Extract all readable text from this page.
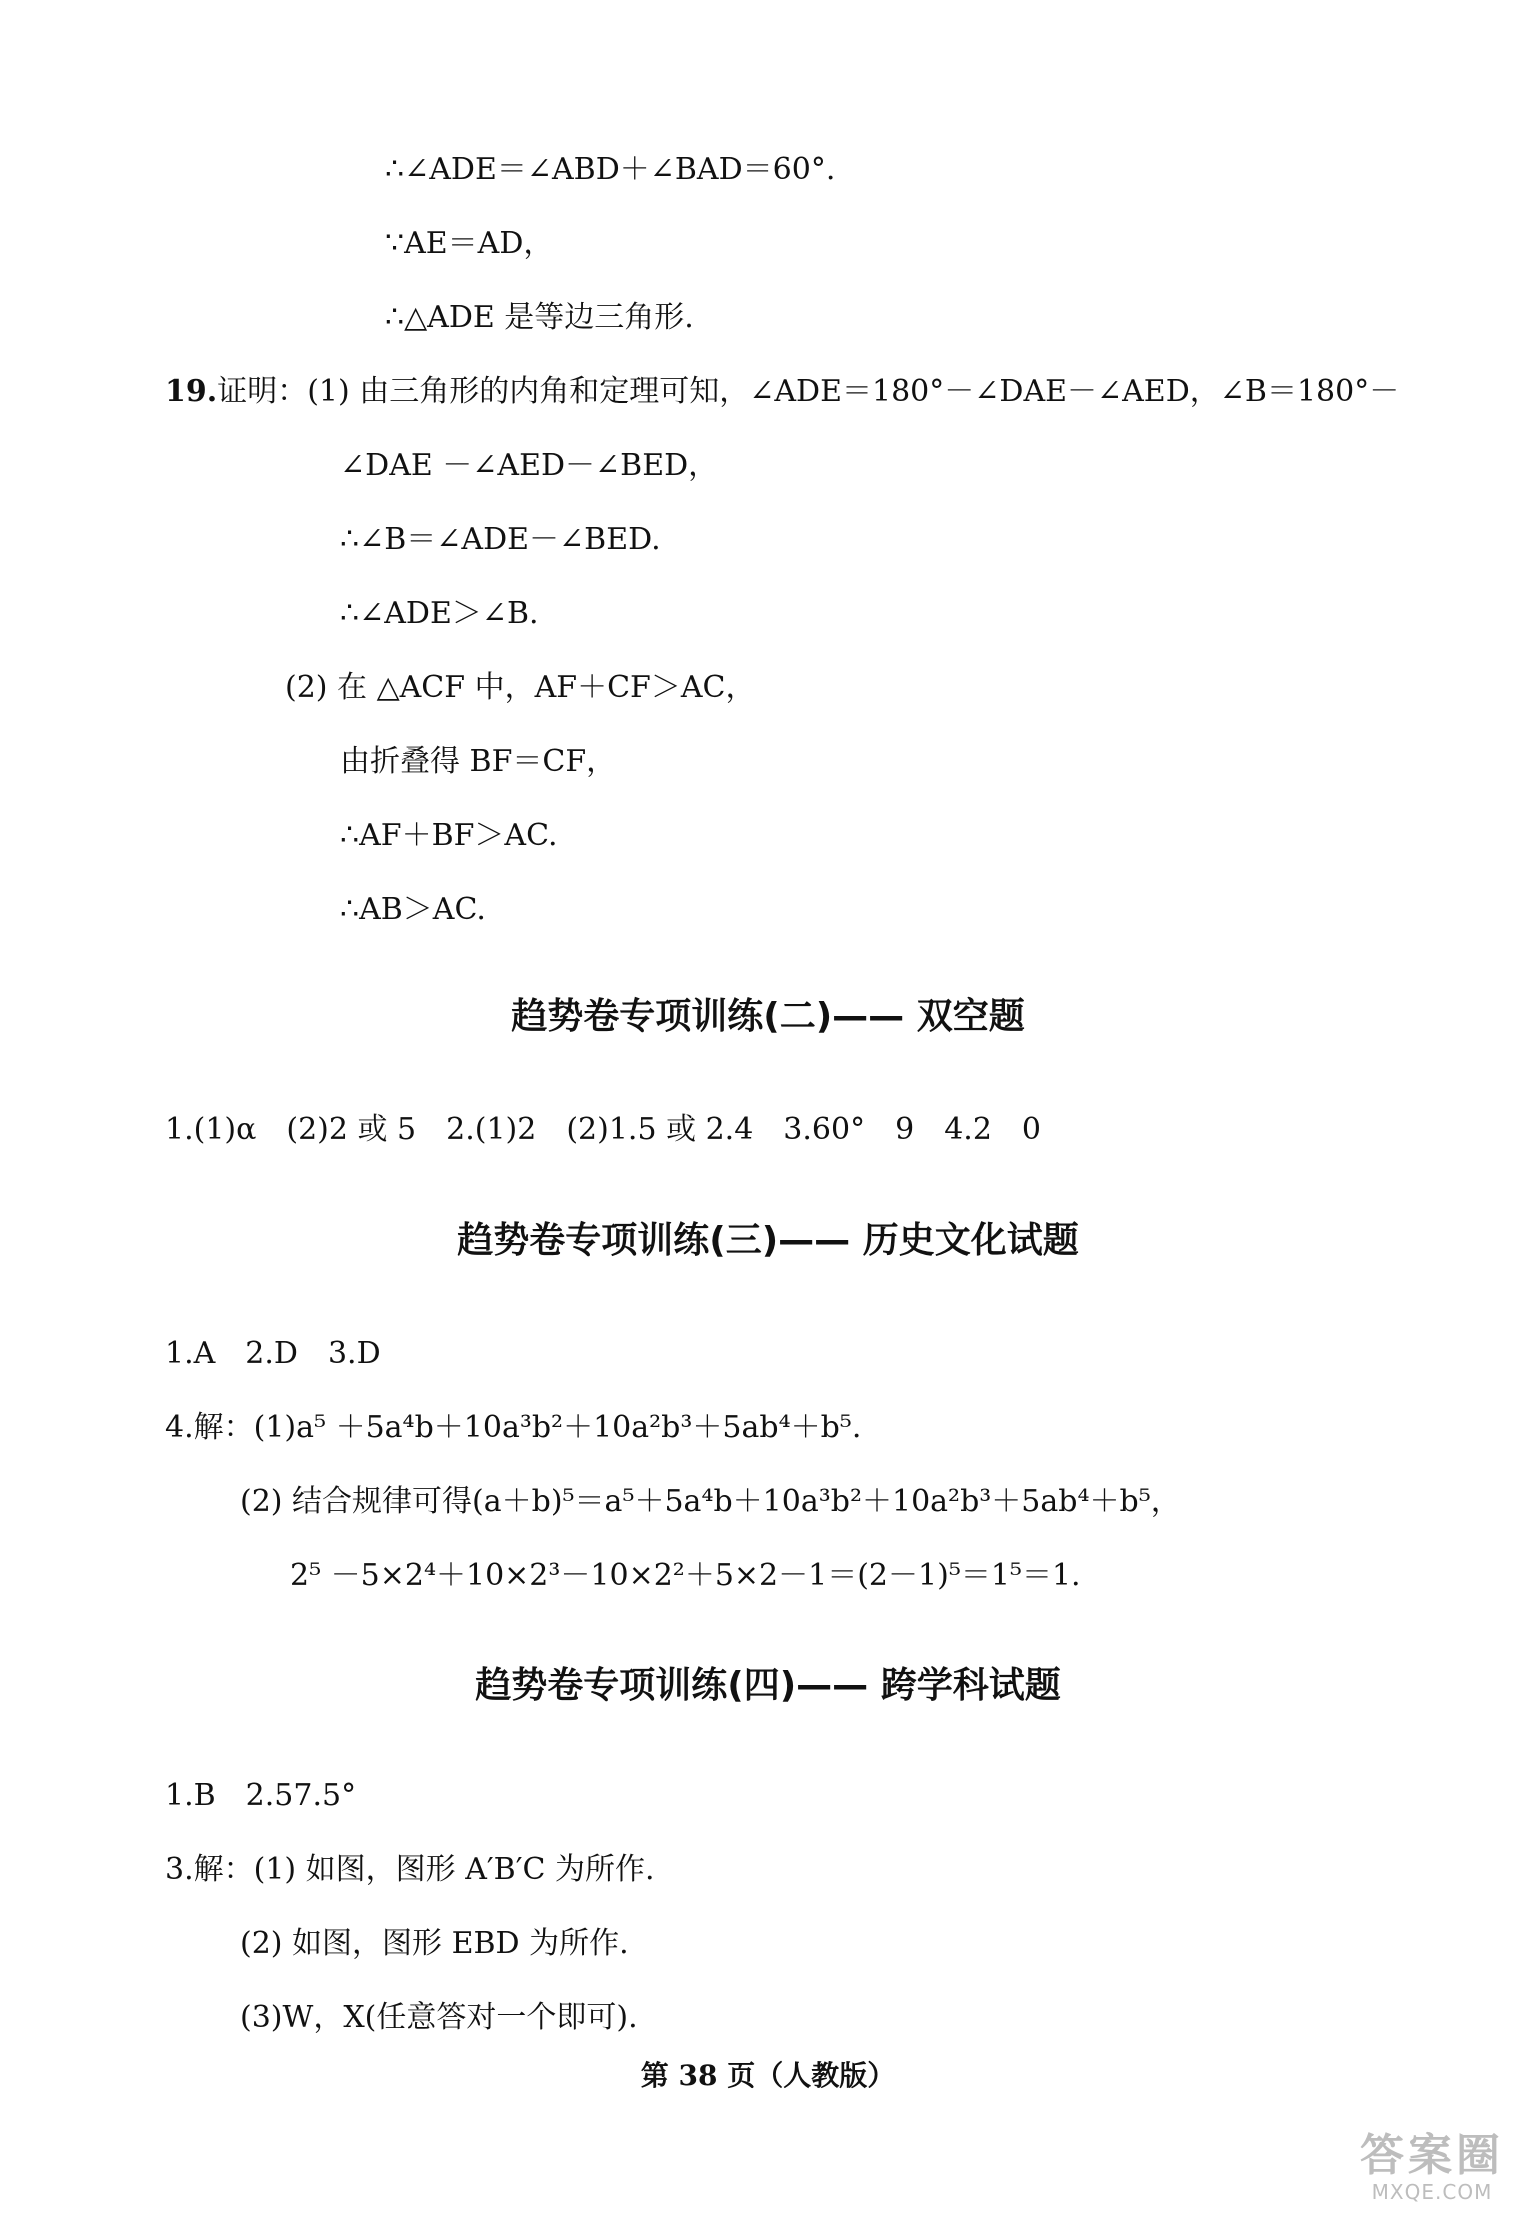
∴∠ADE＝∠ABD＋∠BAD＝60°.
∵AE＝AD，
∴△ADE 是等边三角形.
19.证明：(1) 由三角形的内角和定理可知，∠ADE＝180°－∠DAE－∠AED，∠B＝180°－
∠DAE －∠AED－∠BED，
∴∠B＝∠ADE－∠BED.
∴∠ADE＞∠B.
(2) 在 △ACF 中，AF＋CF＞AC，
由折叠得 BF＝CF，
∴AF＋BF＞AC.
∴AB＞AC.
趋势卷专项训练(二)—— 双空题
1.(1)α　(2)2 或 5　2.(1)2　(2)1.5 或 2.4　3.60°　9　4.2　0
趋势卷专项训练(三)—— 历史文化试题
1.A　2.D　3.D
4.解：(1)a⁵ ＋5a⁴b＋10a³b²＋10a²b³＋5ab⁴＋b⁵.
(2) 结合规律可得(a＋b)⁵＝a⁵＋5a⁴b＋10a³b²＋10a²b³＋5ab⁴＋b⁵，
2⁵ －5×2⁴＋10×2³－10×2²＋5×2－1＝(2－1)⁵＝1⁵＝1.
趋势卷专项训练(四)—— 跨学科试题
1.B　2.57.5°
3.解：(1) 如图，图形 A′B′C 为所作.
(2) 如图，图形 EBD 为所作.
(3)W，X(任意答对一个即可).
第 38 页（人教版）
答案圈
MXQE.COM
